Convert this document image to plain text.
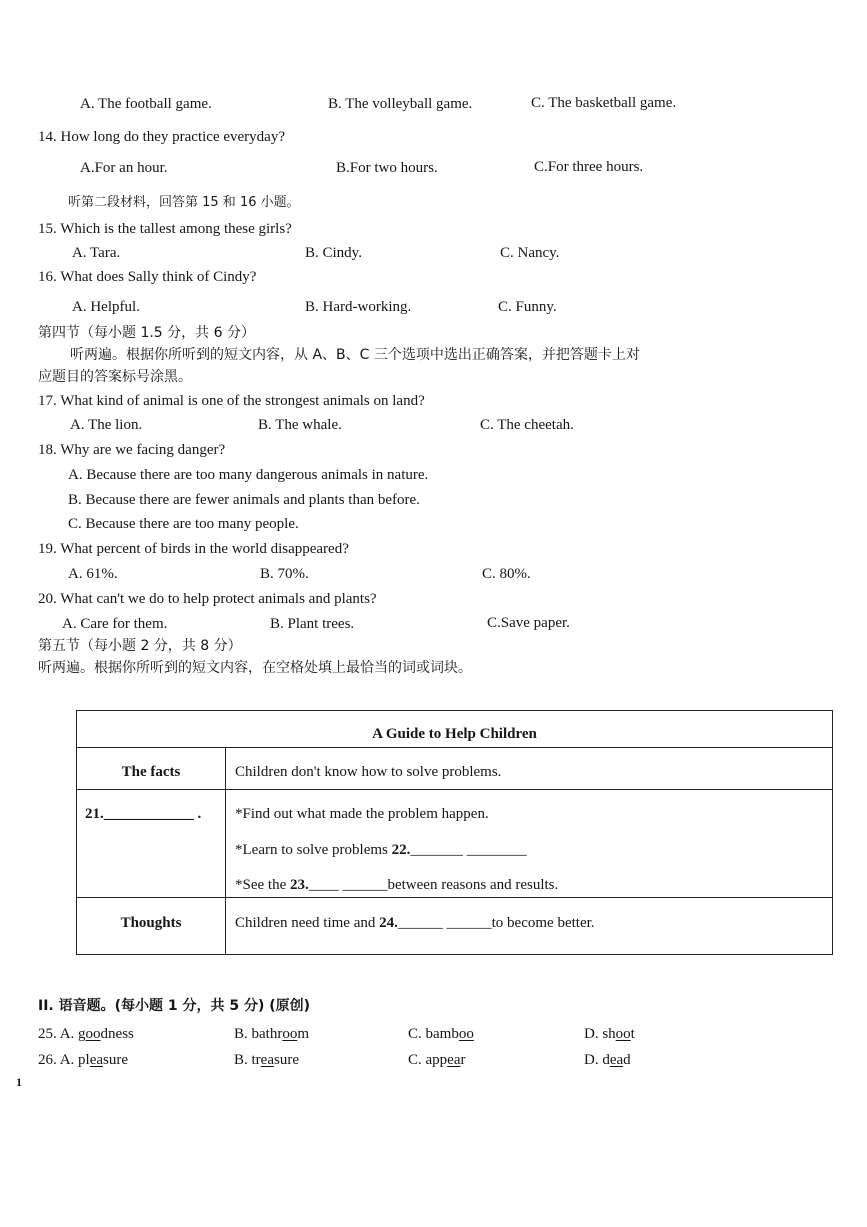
A. The football game.	B. The volleyball game.	C. The basketball game.
14. How long do they practice everyday?
A.For an hour.	B.For two hours.	C.For three hours.
听第二段材料，回答第 15 和 16 小题。
15. Which is the tallest among these girls?
A. Tara.	B. Cindy.	C. Nancy.
16. What does Sally think of Cindy?
A. Helpful.	B. Hard-working.	C. Funny.
第四节（每小题 1.5 分，共 6 分）
听两遍。根据你所听到的短文内容，从 A、B、C 三个选项中选出正确答案，并把答题卡上对
应题目的答案标号涂黑。
17. What kind of animal is one of the strongest animals on land?
A. The lion.	B. The whale.	C. The cheetah.
18. Why are we facing danger?
A. Because there are too many dangerous animals in nature.
B. Because there are fewer animals and plants than before.
C. Because there are too many people.
19. What percent of birds in the world disappeared?
A. 61%.	B. 70%.	C. 80%.
20. What can't we do to help protect animals and plants?
A. Care for them.	B. Plant trees.	C.Save paper.
第五节（每小题 2 分，共 8 分）
听两遍。根据你所听到的短文内容，在空格处填上最恰当的词或词块。
A Guide to Help Children
The facts	Children don't know how to solve problems.
21.____________ . *Find out what made the problem happen.
*Learn to solve problems 22._______ ________
*See the 23.____ ______between reasons and results.
Thoughts	Children need time and 24.______ ______to become better.
II. 语音题。(每小题 1 分，共 5 分) (原创)
25. A. goodness	B. bathroom	C. bamboo	D. shoot
26. A. pleasure	B. treasure	C. appear	D. dead
1
